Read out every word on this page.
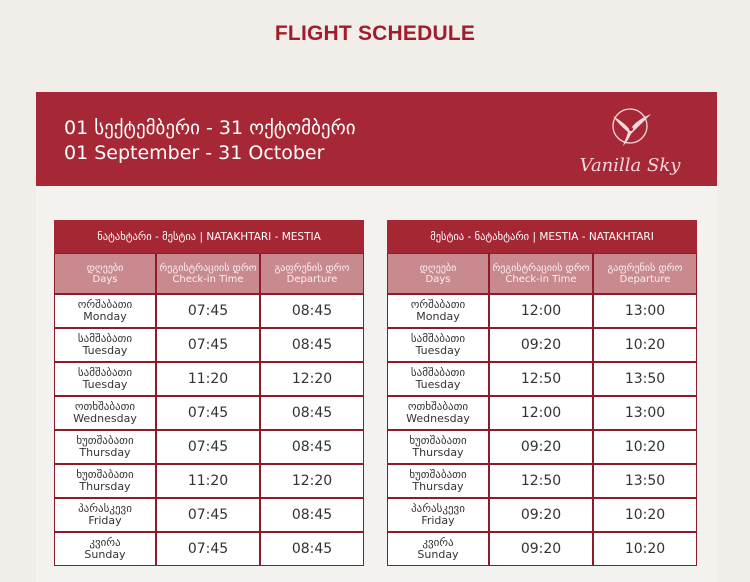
FLIGHT SCHEDULE
01 სექტემბერი - 31 ოქტომბერი
01 September - 31 October
Vanilla Sky
ნატახტარი - მესტია | NATAKHTARI - MESTIA
დღეები
Days	რეგისტრაციის დრო
Check-in Time	გაფრენის დრო
Departure

ორშაბათი
Monday	07:45	08:45

სამშაბათი
Tuesday	07:45	08:45

სამშაბათი
Tuesday	11:20	12:20

ოთხშაბათი
Wednesday	07:45	08:45

ხუთშაბათი
Thursday	07:45	08:45

ხუთშაბათი
Thursday	11:20	12:20

პარასკევი
Friday	07:45	08:45

კვირა
Sunday	07:45	08:45
მესტია - ნატახტარი | MESTIA - NATAKHTARI
დღეები
Days	რეგისტრაციის დრო
Check-in Time	გაფრენის დრო
Departure

ორშაბათი
Monday	12:00	13:00

სამშაბათი
Tuesday	09:20	10:20

სამშაბათი
Tuesday	12:50	13:50

ოთხშაბათი
Wednesday	12:00	13:00

ხუთშაბათი
Thursday	09:20	10:20

ხუთშაბათი
Thursday	12:50	13:50

პარასკევი
Friday	09:20	10:20

კვირა
Sunday	09:20	10:20
